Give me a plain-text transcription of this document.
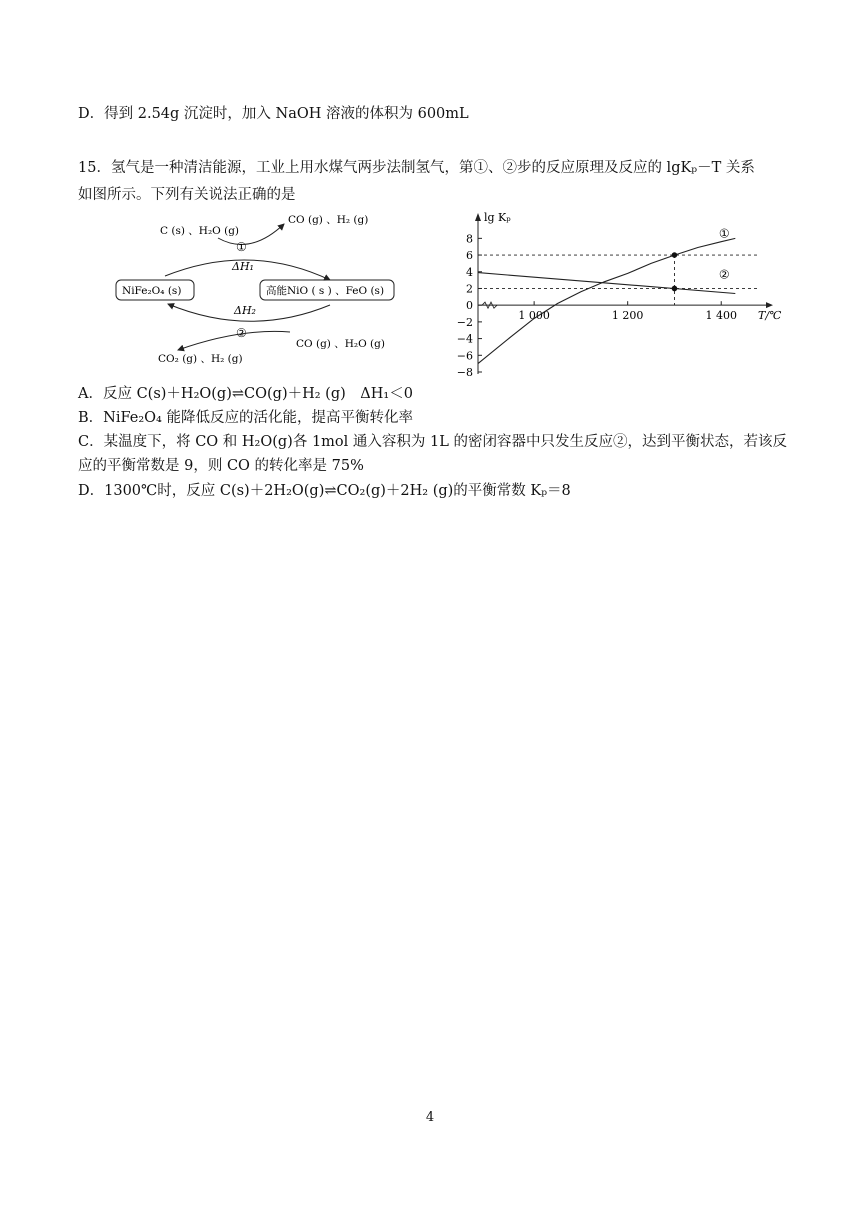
D．得到 2.54g 沉淀时，加入 NaOH 溶液的体积为 600mL
15．氢气是一种清洁能源，工业上用水煤气两步法制氢气，第①、②步的反应原理及反应的 lgKₚ－T 关系
如图所示。下列有关说法正确的是
C (s) 、H₂O (g)
CO (g) 、H₂ (g)
①
ΔH₁
NiFe₂O₄ (s)	高能NiO ( s ) 、FeO (s)
ΔH₂
②
CO (g) 、H₂O (g)
CO₂ (g) 、H₂ (g)
8
6
4
2
0
−2
−4
−6
−8
1 000	1 200	1 400
lg Kₚ
T/℃
①
②
A．反应 C(s)＋H₂O(g)⇌CO(g)＋H₂ (g)　ΔH₁＜0
B．NiFe₂O₄ 能降低反应的活化能，提高平衡转化率
C．某温度下，将 CO 和 H₂O(g)各 1mol 通入容积为 1L 的密闭容器中只发生反应②，达到平衡状态，若该反
应的平衡常数是 9，则 CO 的转化率是 75%
D．1300℃时，反应 C(s)＋2H₂O(g)⇌CO₂(g)＋2H₂ (g)的平衡常数 Kₚ＝8
4
